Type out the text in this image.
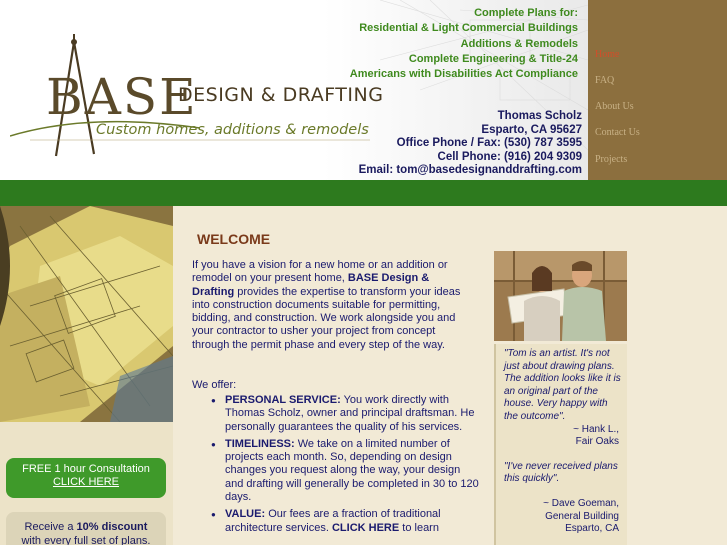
BASE
DESIGN & DRAFTING
Custom homes, additions & remodels
Complete Plans for:
Residential & Light Commercial Buildings
Additions & Remodels
Complete Engineering & Title-24
Americans with Disabilities Act Compliance
Thomas Scholz
Esparto, CA 95627
Office Phone / Fax: (530) 787 3595
Cell Phone: (916) 204 9309
Email: tom@basedesignanddrafting.com
Home
FAQ
About Us
Contact Us
Projects
FREE 1 hour Consultation
CLICK HERE
Receive a 10% discount
with every full set of plans.
WELCOME
If you have a vision for a new home or an addition or remodel on your present home, BASE Design & Drafting provides the expertise to transform your ideas into construction documents suitable for permitting, bidding, and construction. We work alongside you and your contractor to usher your project from concept through the permit phase and every step of the way.
We offer:
● PERSONAL SERVICE: You work directly with Thomas Scholz, owner and principal draftsman. He personally guarantees the quality of his services.
● TIMELINESS: We take on a limited number of projects each month. So, depending on design changes you request along the way, your design and drafting will generally be completed in 30 to 120 days.
● VALUE: Our fees are a fraction of traditional architecture services. CLICK HERE to learn
"Tom is an artist. It's not just about drawing plans. The addition looks like it is an original part of the house. Very happy with the outcome".
~ Hank L.,
Fair Oaks
"I've never received plans this quickly".
~ Dave Goeman,
General Building
Esparto, CA
